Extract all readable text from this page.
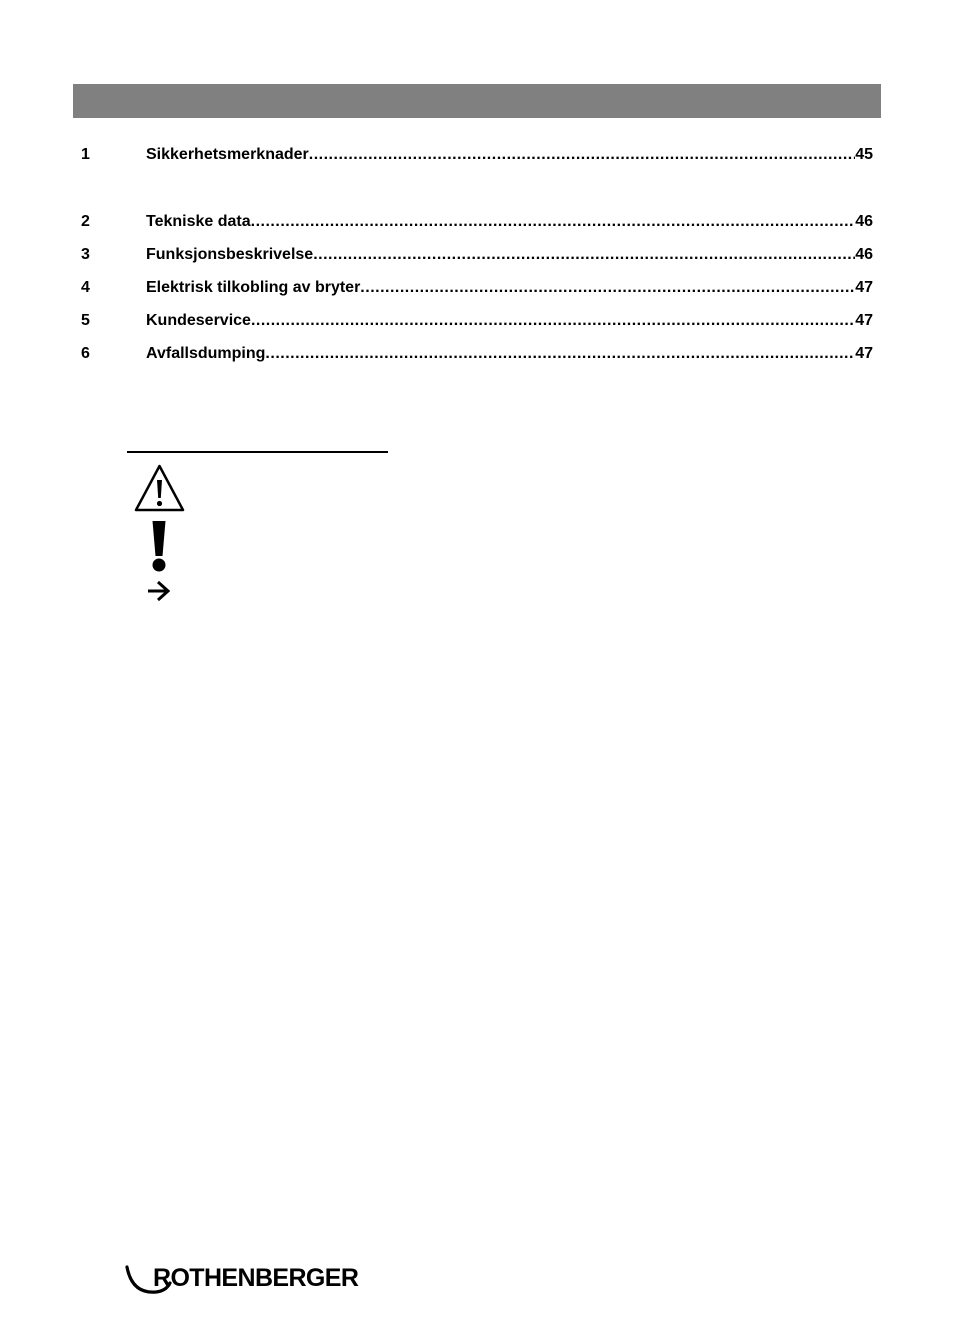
1	Sikkerhetsmerknader .....	45
2	Tekniske data .....	46
3	Funksjonsbeskrivelse .....	46
4	Elektrisk tilkobling av bryter .....	47
5	Kundeservice .....	47
6	Avfallsdumping .....	47
ROTHENBERGER
